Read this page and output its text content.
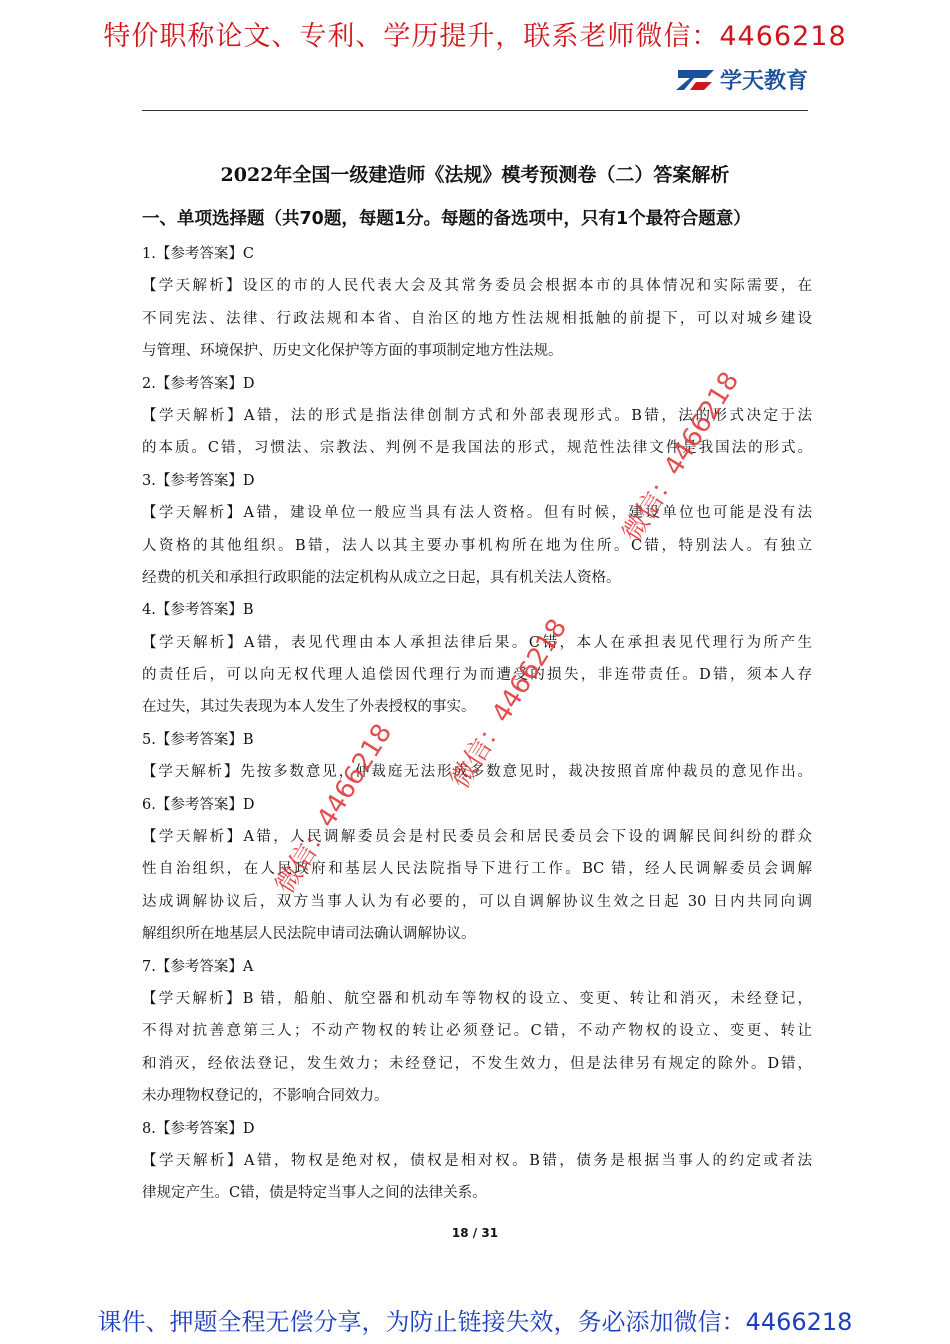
特价职称论文、专利、学历提升，联系老师微信：4466218
学天教育
2022年全国一级建造师《法规》模考预测卷（二）答案解析
一、单项选择题（共70题，每题1分。每题的备选项中，只有1个最符合题意）
1.【参考答案】C
【学天解析】设区的市的人民代表大会及其常务委员会根据本市的具体情况和实际需要，在
不同宪法、法律、行政法规和本省、自治区的地方性法规相抵触的前提下，可以对城乡建设
与管理、环境保护、历史文化保护等方面的事项制定地方性法规。
2.【参考答案】D
【学天解析】A错，法的形式是指法律创制方式和外部表现形式。B错，法的形式决定于法
的本质。C错，习惯法、宗教法、判例不是我国法的形式，规范性法律文件是我国法的形式。
3.【参考答案】D
【学天解析】A错，建设单位一般应当具有法人资格。但有时候，建设单位也可能是没有法
人资格的其他组织。B错，法人以其主要办事机构所在地为住所。C错，特别法人。有独立
经费的机关和承担行政职能的法定机构从成立之日起，具有机关法人资格。
4.【参考答案】B
【学天解析】A错，表见代理由本人承担法律后果。C错，本人在承担表见代理行为所产生
的责任后，可以向无权代理人追偿因代理行为而遭受的损失，非连带责任。D错，须本人存
在过失，其过失表现为本人发生了外表授权的事实。
5.【参考答案】B
【学天解析】先按多数意见，仲裁庭无法形成多数意见时，裁决按照首席仲裁员的意见作出。
6.【参考答案】D
【学天解析】A错，人民调解委员会是村民委员会和居民委员会下设的调解民间纠纷的群众
性自治组织，在人民政府和基层人民法院指导下进行工作。BC 错，经人民调解委员会调解
达成调解协议后，双方当事人认为有必要的，可以自调解协议生效之日起 30 日内共同向调
解组织所在地基层人民法院申请司法确认调解协议。
7.【参考答案】A
【学天解析】B 错，船舶、航空器和机动车等物权的设立、变更、转让和消灭，未经登记，
不得对抗善意第三人；不动产物权的转让必须登记。C错，不动产物权的设立、变更、转让
和消灭，经依法登记，发生效力；未经登记，不发生效力，但是法律另有规定的除外。D错，
未办理物权登记的，不影响合同效力。
8.【参考答案】D
【学天解析】A错，物权是绝对权，债权是相对权。B错，债务是根据当事人的约定或者法
律规定产生。C错，债是特定当事人之间的法律关系。
微信：4466218
微信：4466218
微信：4466218
18 / 31
课件、押题全程无偿分享，为防止链接失效，务必添加微信：4466218
